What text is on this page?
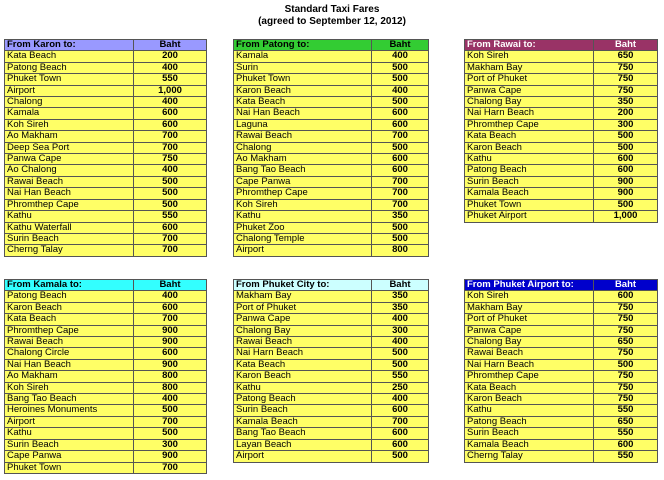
Standard Taxi Fares
(agreed to September 12, 2012)
From Karon to:	Baht
Kata Beach	200
Patong Beach	400
Phuket Town	550
Airport	1,000
Chalong	400
Kamala	600
Koh Sireh	600
Ao Makham	700
Deep Sea Port	700
Panwa Cape	750
Ao Chalong	400
Rawai Beach	500
Nai Han Beach	500
Phromthep Cape	500
Kathu	550
Kathu Waterfall	600
Surin Beach	700
Cherng Talay	700
From Patong to:	Baht
Kamala	400
Surin	500
Phuket Town	500
Karon Beach	400
Kata Beach	500
Nai Han Beach	600
Laguna	600
Rawai Beach	700
Chalong	500
Ao Makham	600
Bang Tao Beach	600
Cape Panwa	700
Phromthep Cape	700
Koh Sireh	700
Kathu	350
Phuket Zoo	500
Chalong Temple	500
Airport	800
From Rawai to:	Baht
Koh Sireh	650
Makham Bay	750
Port of Phuket	750
Panwa Cape	750
Chalong Bay	350
Nai Harn Beach	200
Phromthep Cape	300
Kata Beach	500
Karon Beach	500
Kathu	600
Patong Beach	600
Surin Beach	900
Kamala Beach	900
Phuket Town	500
Phuket Airport	1,000
From Kamala to:	Baht
Patong Beach	400
Karon Beach	600
Kata Beach	700
Phromthep Cape	900
Rawai Beach	900
Chalong Circle	600
Nai Han Beach	900
Ao Makham	800
Koh Sireh	800
Bang Tao Beach	400
Heroines Monuments	500
Airport	700
Kathu	500
Surin Beach	300
Cape Panwa	900
Phuket Town	700
From Phuket City to:	Baht
Makham Bay	350
Port of Phuket	350
Panwa Cape	400
Chalong Bay	300
Rawai Beach	400
Nai Harn Beach	500
Kata Beach	500
Karon Beach	550
Kathu	250
Patong Beach	400
Surin Beach	600
Kamala Beach	700
Bang Tao Beach	600
Layan Beach	600
Airport	500
From Phuket Airport to:	Baht
Koh Sireh	600
Makham Bay	750
Port of Phuket	750
Panwa Cape	750
Chalong Bay	650
Rawai Beach	750
Nai Harn Beach	500
Phromthep Cape	750
Kata Beach	750
Karon Beach	750
Kathu	550
Patong Beach	650
Surin Beach	550
Kamala Beach	600
Cherng Talay	550
